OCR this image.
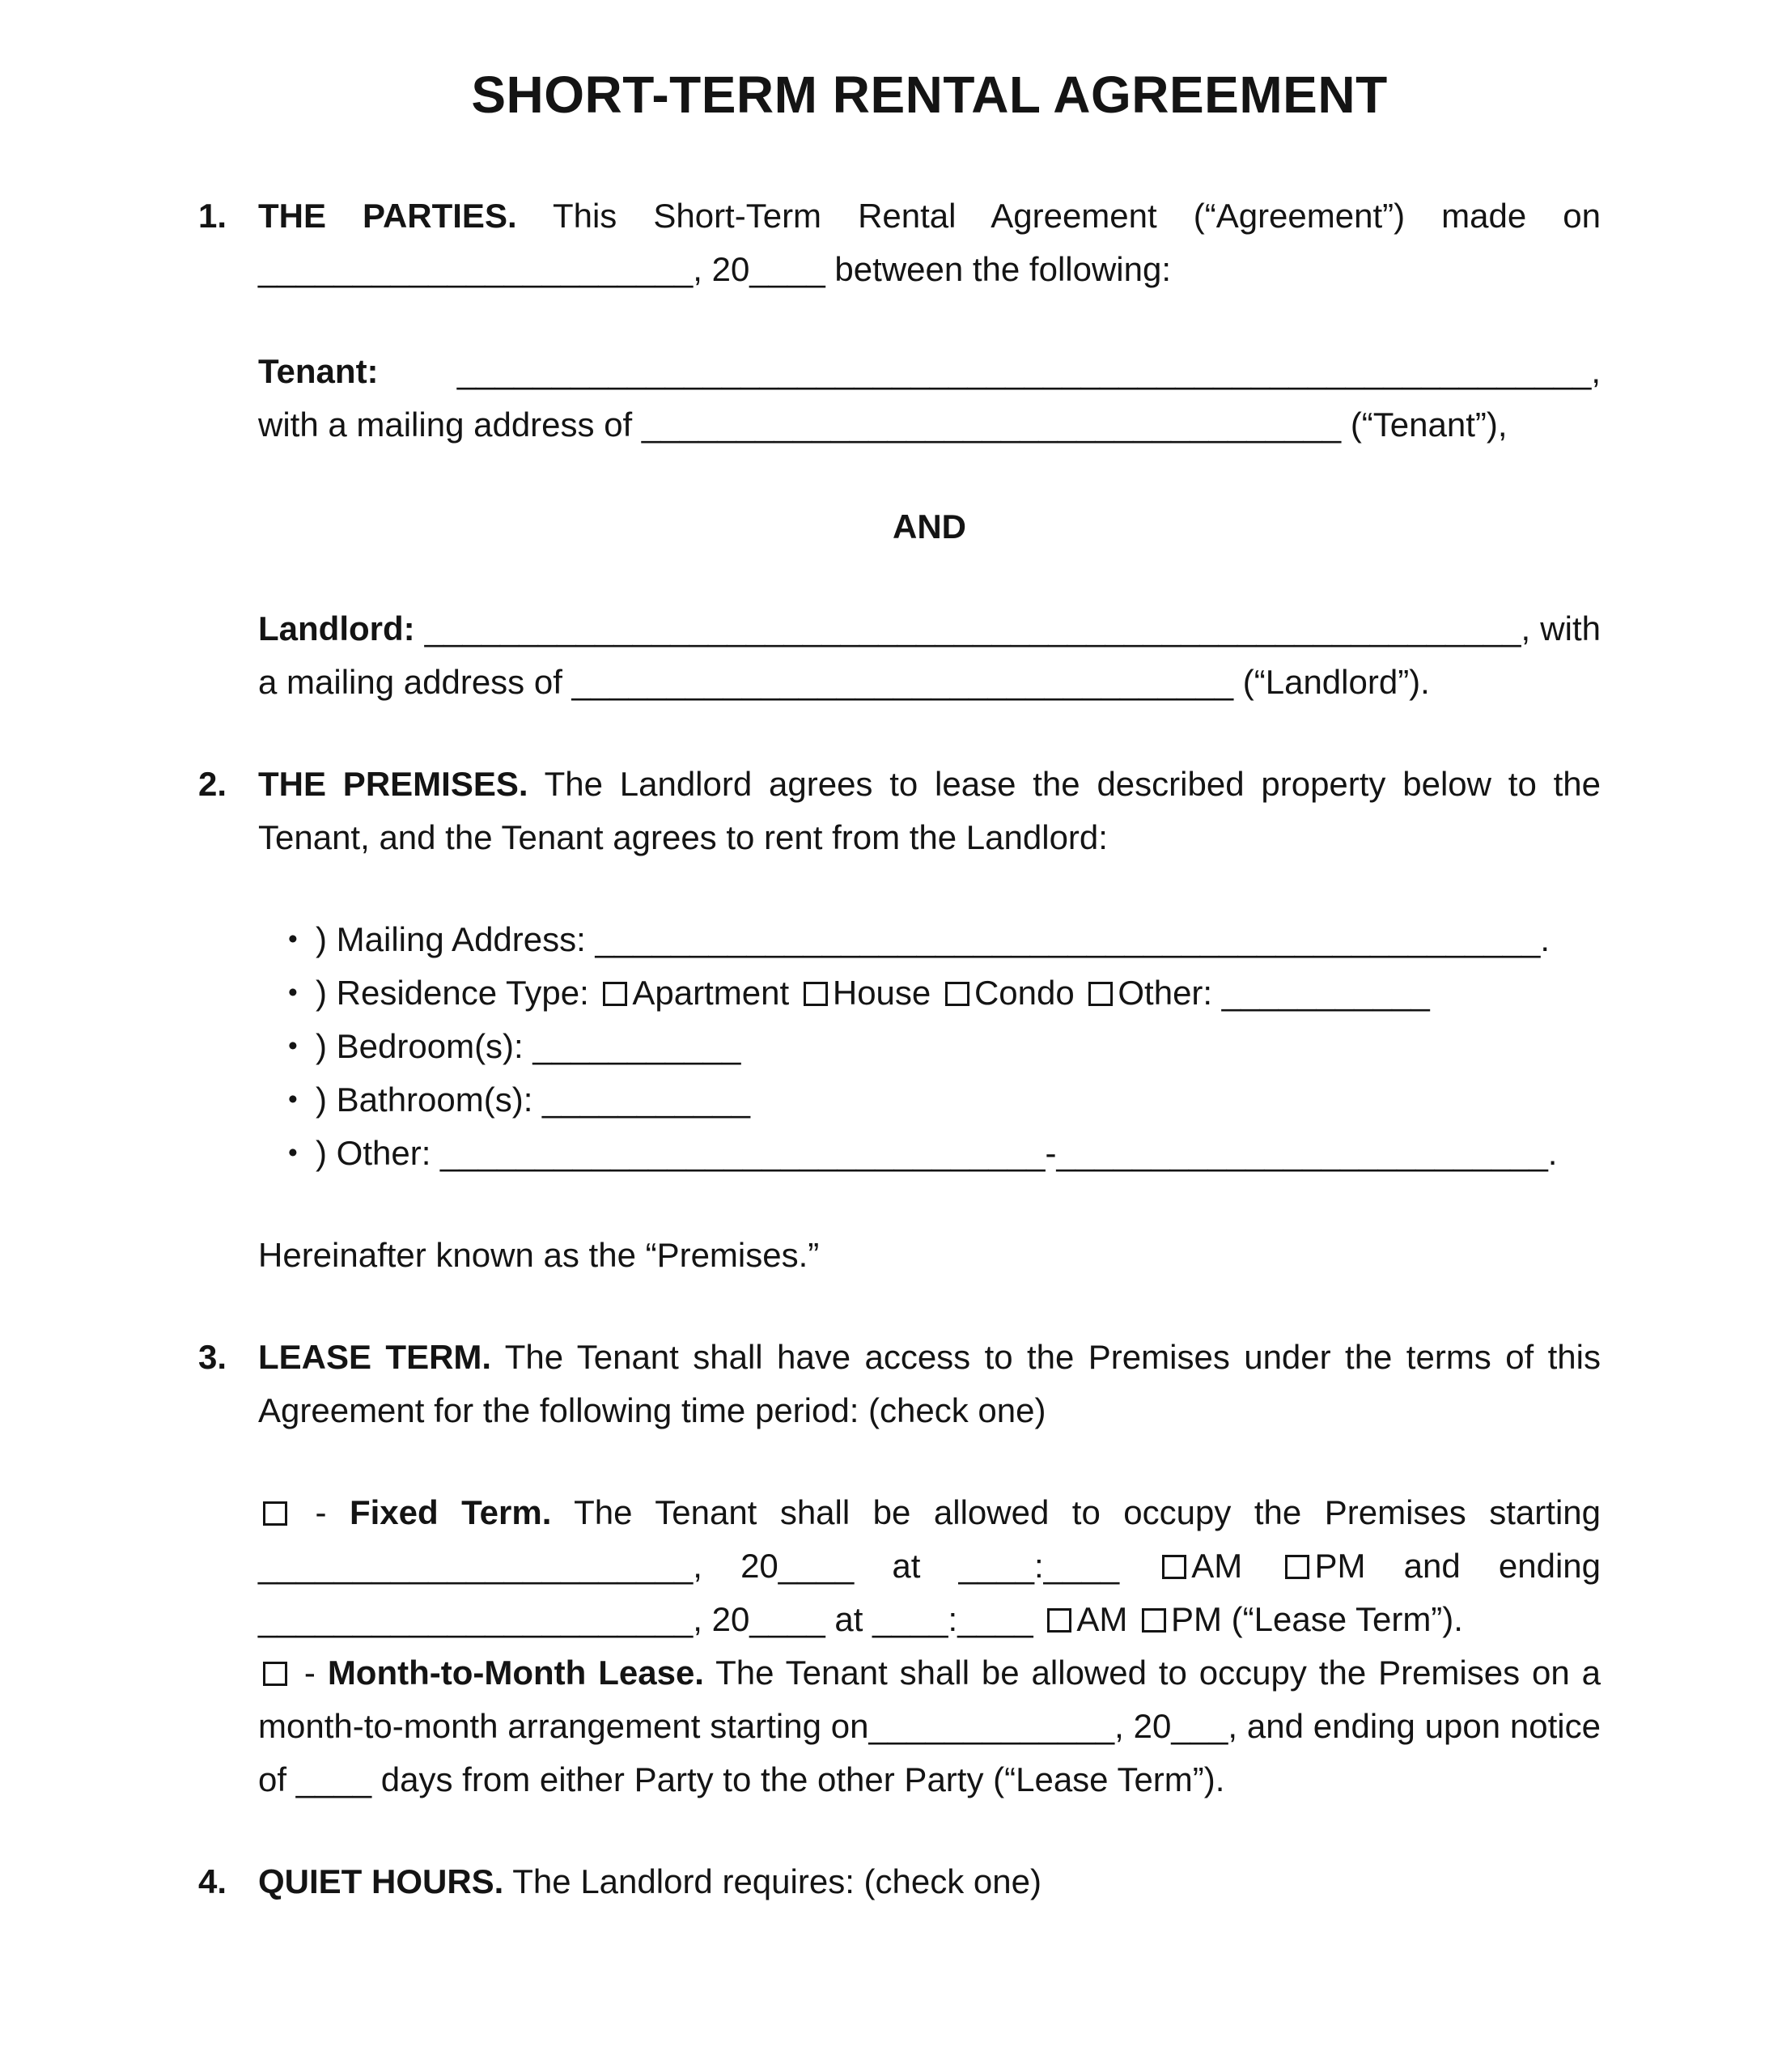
SHORT-TERM RENTAL AGREEMENT
1. THE PARTIES. This Short-Term Rental Agreement (“Agreement”) made on _______________________, 20____ between the following:

Tenant: ____________________________________________________________, with a mailing address of _____________________________________ (“Tenant”),

AND

Landlord: __________________________________________________________, with a mailing address of ___________________________________ (“Landlord”).

2. THE PREMISES. The Landlord agrees to lease the described property below to the Tenant, and the Tenant agrees to rent from the Landlord:

• ) Mailing Address: __________________________________________________.
• ) Residence Type: Apartment House Condo Other: ___________
• ) Bedroom(s): ___________
• ) Bathroom(s): ___________
• ) Other: ________________________________-__________________________.

Hereinafter known as the “Premises.”

3. LEASE TERM. The Tenant shall have access to the Premises under the terms of this Agreement for the following time period: (check one)

- Fixed Term. The Tenant shall be allowed to occupy the Premises starting _______________________, 20____ at ____:____ AM PM and ending _______________________, 20____ at ____:____ AM PM (“Lease Term”).

- Month-to-Month Lease. The Tenant shall be allowed to occupy the Premises on a month-to-month arrangement starting on_____________, 20___, and ending upon notice of ____ days from either Party to the other Party (“Lease Term”).

4. QUIET HOURS. The Landlord requires: (check one)
